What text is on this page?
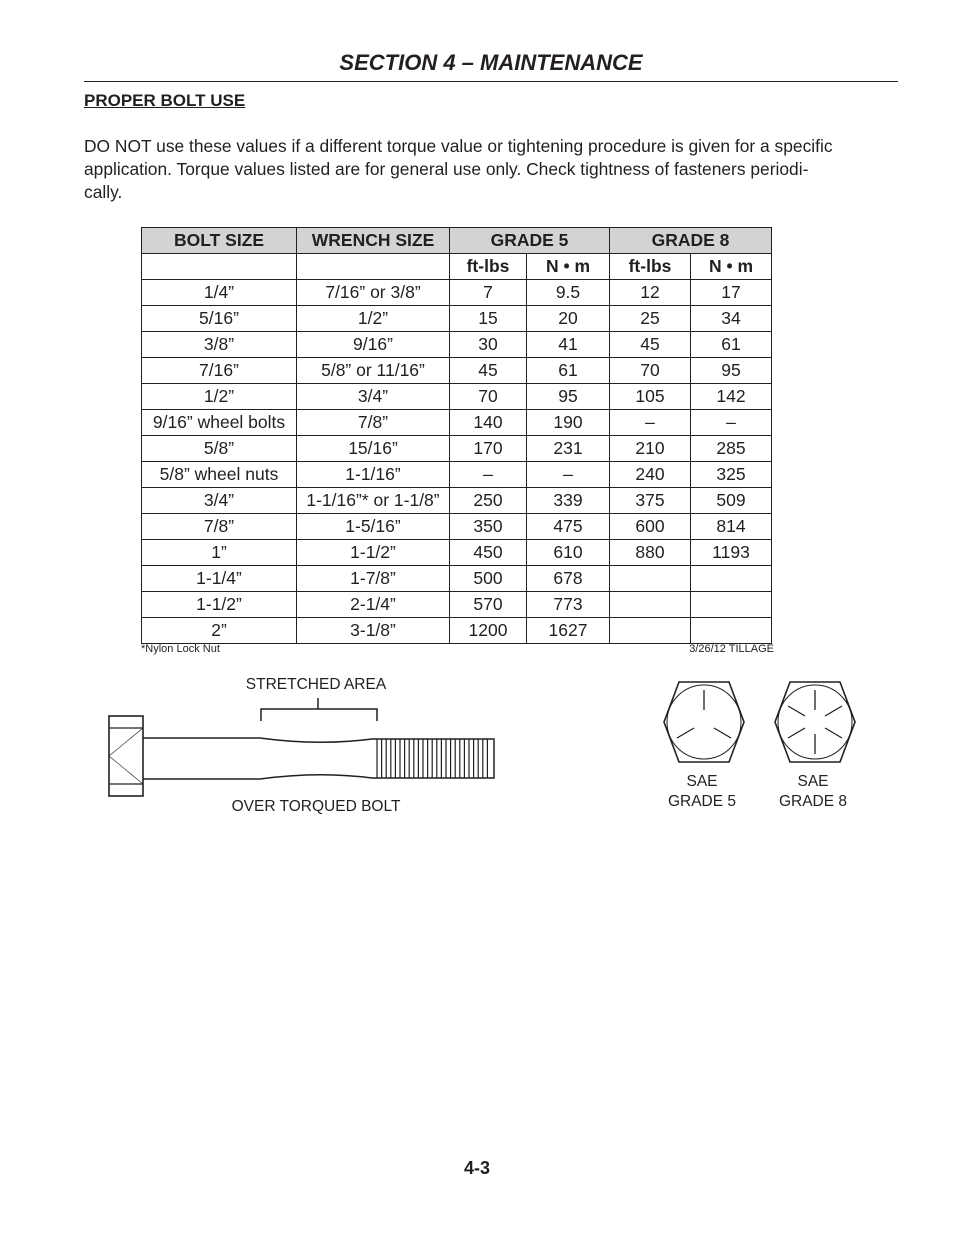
SECTION 4 – MAINTENANCE
PROPER BOLT USE

DO NOT use these values if a different torque value or tightening procedure is given for a specific
application. Torque values listed are for general use only. Check tightness of fasteners periodi-
cally.

BOLT SIZE	WRENCH SIZE	GRADE 5		GRADE 8	
		ft-lbs	N • m	ft-lbs	N • m
1/4”	7/16” or 3/8”	7	9.5	12	17
5/16”	1/2”	15	20	25	34
3/8”	9/16”	30	41	45	61
7/16”	5/8” or 11/16”	45	61	70	95
1/2”	3/4”	70	95	105	142
9/16” wheel bolts	7/8”	140	190	–	–
5/8”	15/16”	170	231	210	285
5/8” wheel nuts	1-1/16”	–	–	240	325
3/4”	1-1/16”* or 1-1/8”	250	339	375	509
7/8”	1-5/16”	350	475	600	814
1”	1-1/2”	450	610	880	1193
1-1/4”	1-7/8”	500	678		
1-1/2”	2-1/4”	570	773		
2”	3-1/8”	1200	1627		
*Nylon Lock Nut	3/26/12 TILLAGE
STRETCHED AREA
OVER TORQUED BOLT
SAE
GRADE 5
SAE
GRADE 8
4-3
